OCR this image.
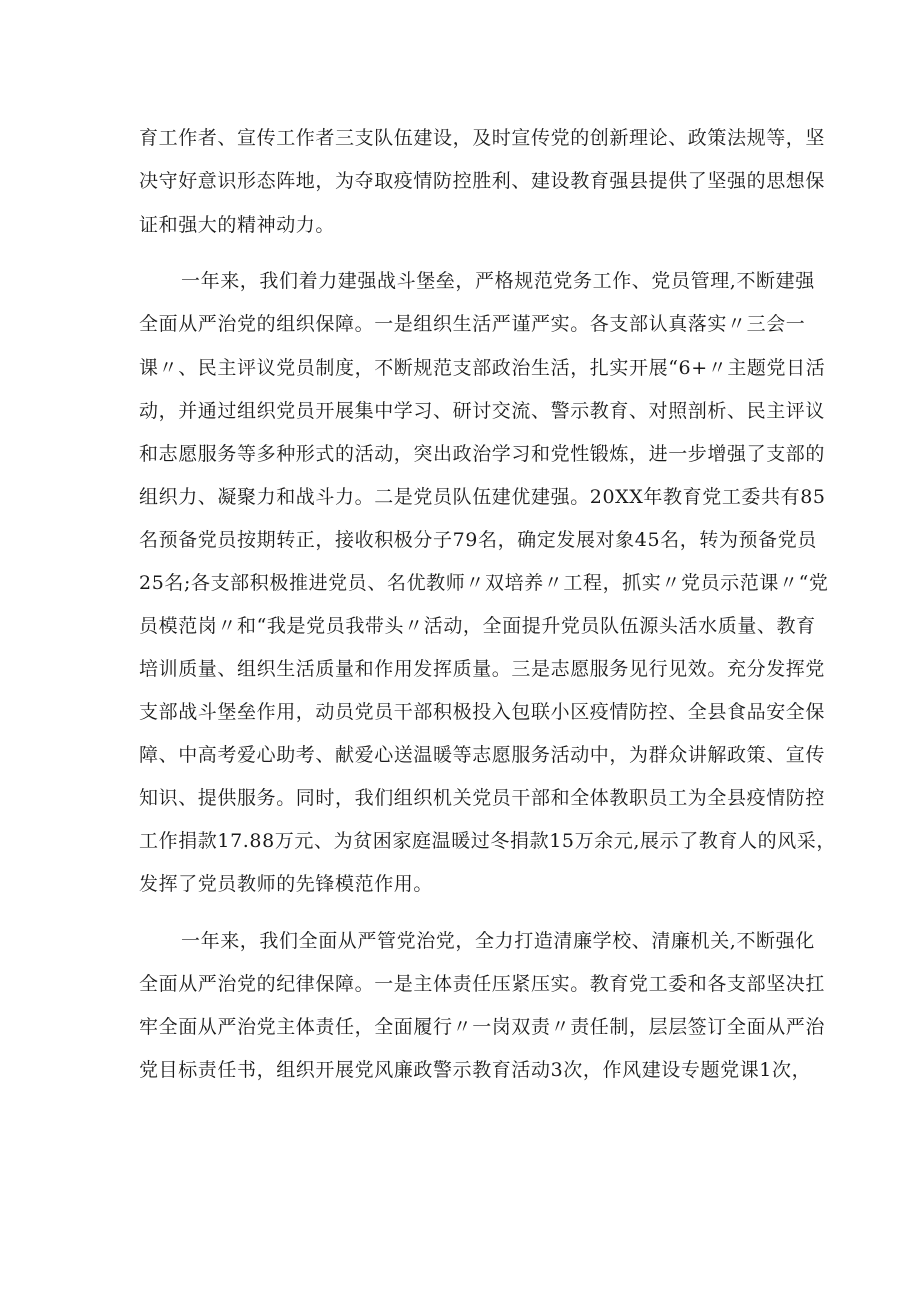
育工作者、宣传工作者三支队伍建设，及时宣传党的创新理论、政策法规等，坚
决守好意识形态阵地，为夺取疫情防控胜利、建设教育强县提供了坚强的思想保
证和强大的精神动力。
一年来，我们着力建强战斗堡垒，严格规范党务工作、党员管理,不断建强
全面从严治党的组织保障。一是组织生活严谨严实。各支部认真落实〃三会一
课〃、民主评议党员制度，不断规范支部政治生活，扎实开展“6+〃主题党日活
动，并通过组织党员开展集中学习、研讨交流、警示教育、对照剖析、民主评议
和志愿服务等多种形式的活动，突出政治学习和党性锻炼，进一步增强了支部的
组织力、凝聚力和战斗力。二是党员队伍建优建强。20XX年教育党工委共有85
名预备党员按期转正，接收积极分子79名，确定发展对象45名，转为预备党员
25名;各支部积极推进党员、名优教师〃双培养〃工程，抓实〃党员示范课〃“党
员模范岗〃和“我是党员我带头〃活动，全面提升党员队伍源头活水质量、教育
培训质量、组织生活质量和作用发挥质量。三是志愿服务见行见效。充分发挥党
支部战斗堡垒作用，动员党员干部积极投入包联小区疫情防控、全县食品安全保
障、中高考爱心助考、献爱心送温暖等志愿服务活动中，为群众讲解政策、宣传
知识、提供服务。同时，我们组织机关党员干部和全体教职员工为全县疫情防控
工作捐款17.88万元、为贫困家庭温暖过冬捐款15万余元,展示了教育人的风采，
发挥了党员教师的先锋模范作用。
一年来，我们全面从严管党治党，全力打造清廉学校、清廉机关,不断强化
全面从严治党的纪律保障。一是主体责任压紧压实。教育党工委和各支部坚决扛
牢全面从严治党主体责任，全面履行〃一岗双责〃责任制，层层签订全面从严治
党目标责任书，组织开展党风廉政警示教育活动3次，作风建设专题党课1次，
